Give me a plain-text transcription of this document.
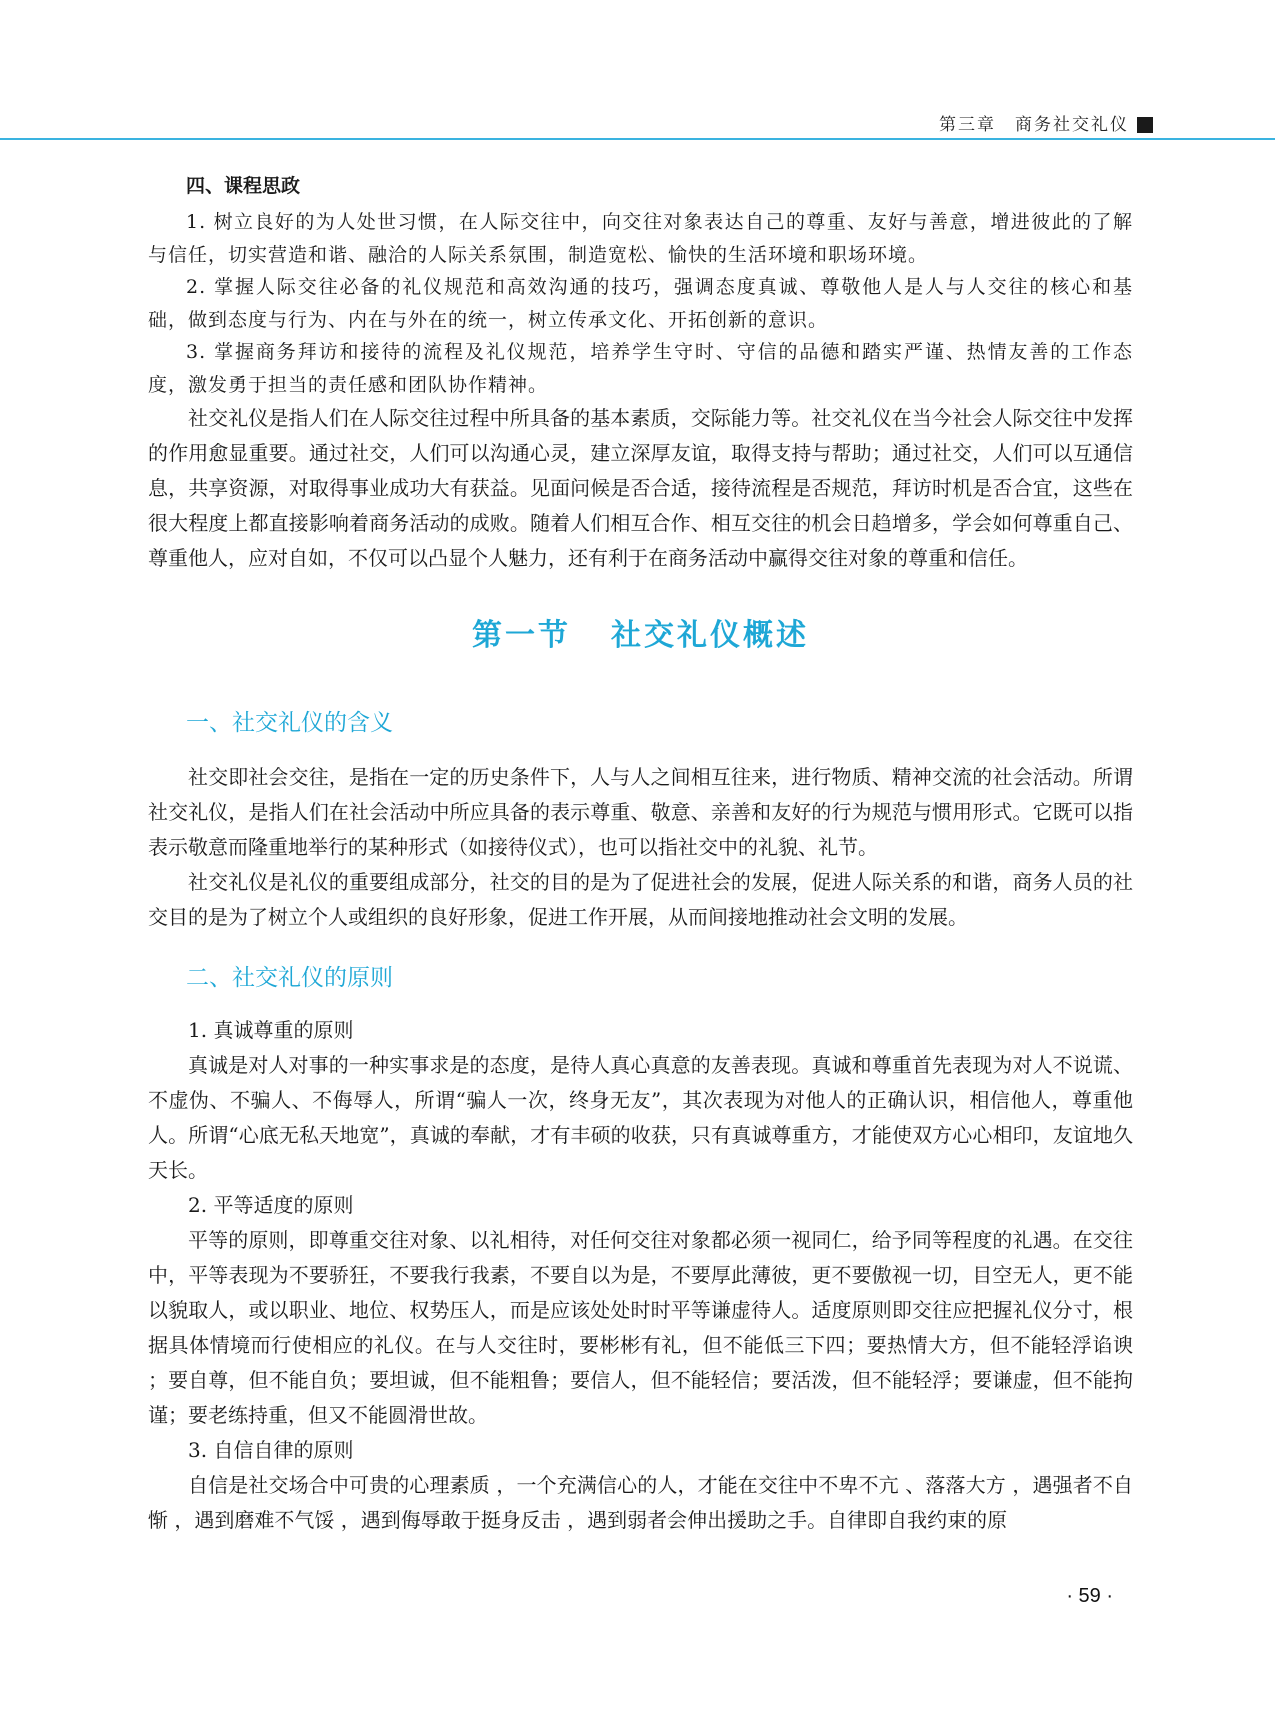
第三章　商务社交礼仪
四、课程思政

1. 树立良好的为人处世习惯，在人际交往中，向交往对象表达自己的尊重、友好与善意，增进彼此的了解与信任，切实营造和谐、融洽的人际关系氛围，制造宽松、愉快的生活环境和职场环境。

2. 掌握人际交往必备的礼仪规范和高效沟通的技巧，强调态度真诚、尊敬他人是人与人交往的核心和基础，做到态度与行为、内在与外在的统一，树立传承文化、开拓创新的意识。

3. 掌握商务拜访和接待的流程及礼仪规范，培养学生守时、守信的品德和踏实严谨、热情友善的工作态度，激发勇于担当的责任感和团队协作精神。

社交礼仪是指人们在人际交往过程中所具备的基本素质，交际能力等。社交礼仪在当今社会人际交往中发挥的作用愈显重要。通过社交，人们可以沟通心灵，建立深厚友谊，取得支持与帮助；通过社交，人们可以互通信息，共享资源，对取得事业成功大有获益。见面问候是否合适，接待流程是否规范，拜访时机是否合宜，这些在很大程度上都直接影响着商务活动的成败。随着人们相互合作、相互交往的机会日趋增多，学会如何尊重自己、尊重他人，应对自如，不仅可以凸显个人魅力，还有利于在商务活动中赢得交往对象的尊重和信任。

第一节 社交礼仪概述
一、社交礼仪的含义

社交即社会交往，是指在一定的历史条件下，人与人之间相互往来，进行物质、精神交流的社会活动。所谓社交礼仪，是指人们在社会活动中所应具备的表示尊重、敬意、亲善和友好的行为规范与惯用形式。它既可以指表示敬意而隆重地举行的某种形式（如接待仪式），也可以指社交中的礼貌、礼节。

社交礼仪是礼仪的重要组成部分，社交的目的是为了促进社会的发展，促进人际关系的和谐，商务人员的社交目的是为了树立个人或组织的良好形象，促进工作开展，从而间接地推动社会文明的发展。

二、社交礼仪的原则

1. 真诚尊重的原则

真诚是对人对事的一种实事求是的态度，是待人真心真意的友善表现。真诚和尊重首先表现为对人不说谎、不虚伪、不骗人、不侮辱人，所谓“骗人一次，终身无友”，其次表现为对他人的正确认识，相信他人，尊重他人。所谓“心底无私天地宽”，真诚的奉献，才有丰硕的收获，只有真诚尊重方，才能使双方心心相印，友谊地久天长。

2. 平等适度的原则

平等的原则，即尊重交往对象、以礼相待，对任何交往对象都必须一视同仁，给予同等程度的礼遇。在交往中，平等表现为不要骄狂，不要我行我素，不要自以为是，不要厚此薄彼，更不要傲视一切，目空无人，更不能以貌取人，或以职业、地位、权势压人，而是应该处处时时平等谦虚待人。适度原则即交往应把握礼仪分寸，根据具体情境而行使相应的礼仪。在与人交往时，要彬彬有礼，但不能低三下四；要热情大方，但不能轻浮谄谀 ；要自尊，但不能自负；要坦诚，但不能粗鲁；要信人，但不能轻信；要活泼，但不能轻浮；要谦虚，但不能拘谨；要老练持重，但又不能圆滑世故。

3. 自信自律的原则

自信是社交场合中可贵的心理素质 ，一个充满信心的人，才能在交往中不卑不亢 、落落大方 ，遇强者不自惭 ，遇到磨难不气馁 ，遇到侮辱敢于挺身反击 ，遇到弱者会伸出援助之手。自律即自我约束的原

· 59 ·
